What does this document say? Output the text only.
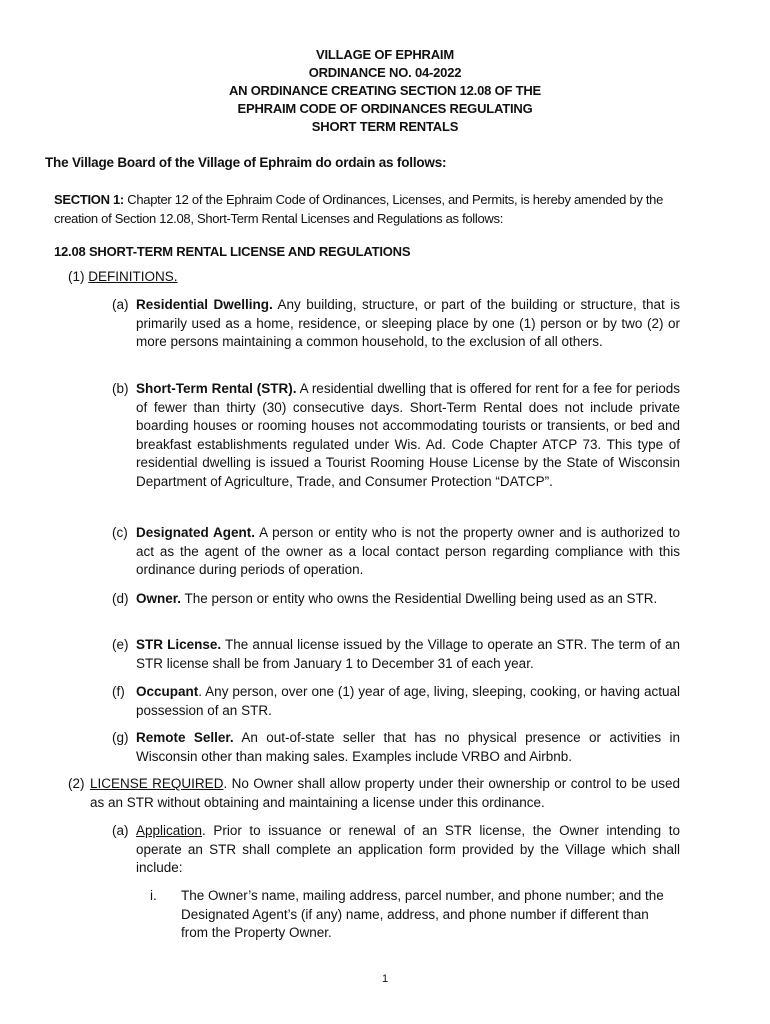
VILLAGE OF EPHRAIM
ORDINANCE NO. 04-2022
AN ORDINANCE CREATING SECTION 12.08 OF THE
EPHRAIM CODE OF ORDINANCES REGULATING
SHORT TERM RENTALS
The Village Board of the Village of Ephraim do ordain as follows:
SECTION 1: Chapter 12 of the Ephraim Code of Ordinances, Licenses, and Permits, is hereby amended by the creation of Section 12.08, Short-Term Rental Licenses and Regulations as follows:
12.08 SHORT-TERM RENTAL LICENSE AND REGULATIONS
(1) DEFINITIONS.
(a) Residential Dwelling. Any building, structure, or part of the building or structure, that is primarily used as a home, residence, or sleeping place by one (1) person or by two (2) or more persons maintaining a common household, to the exclusion of all others.
(b) Short-Term Rental (STR). A residential dwelling that is offered for rent for a fee for periods of fewer than thirty (30) consecutive days. Short-Term Rental does not include private boarding houses or rooming houses not accommodating tourists or transients, or bed and breakfast establishments regulated under Wis. Ad. Code Chapter ATCP 73. This type of residential dwelling is issued a Tourist Rooming House License by the State of Wisconsin Department of Agriculture, Trade, and Consumer Protection “DATCP”.
(c) Designated Agent. A person or entity who is not the property owner and is authorized to act as the agent of the owner as a local contact person regarding compliance with this ordinance during periods of operation.
(d) Owner. The person or entity who owns the Residential Dwelling being used as an STR.
(e) STR License. The annual license issued by the Village to operate an STR. The term of an STR license shall be from January 1 to December 31 of each year.
(f) Occupant. Any person, over one (1) year of age, living, sleeping, cooking, or having actual possession of an STR.
(g) Remote Seller. An out-of-state seller that has no physical presence or activities in Wisconsin other than making sales. Examples include VRBO and Airbnb.
(2) LICENSE REQUIRED. No Owner shall allow property under their ownership or control to be used as an STR without obtaining and maintaining a license under this ordinance.
(a) Application. Prior to issuance or renewal of an STR license, the Owner intending to operate an STR shall complete an application form provided by the Village which shall include:
i. The Owner’s name, mailing address, parcel number, and phone number; and the Designated Agent’s (if any) name, address, and phone number if different than from the Property Owner.
1
